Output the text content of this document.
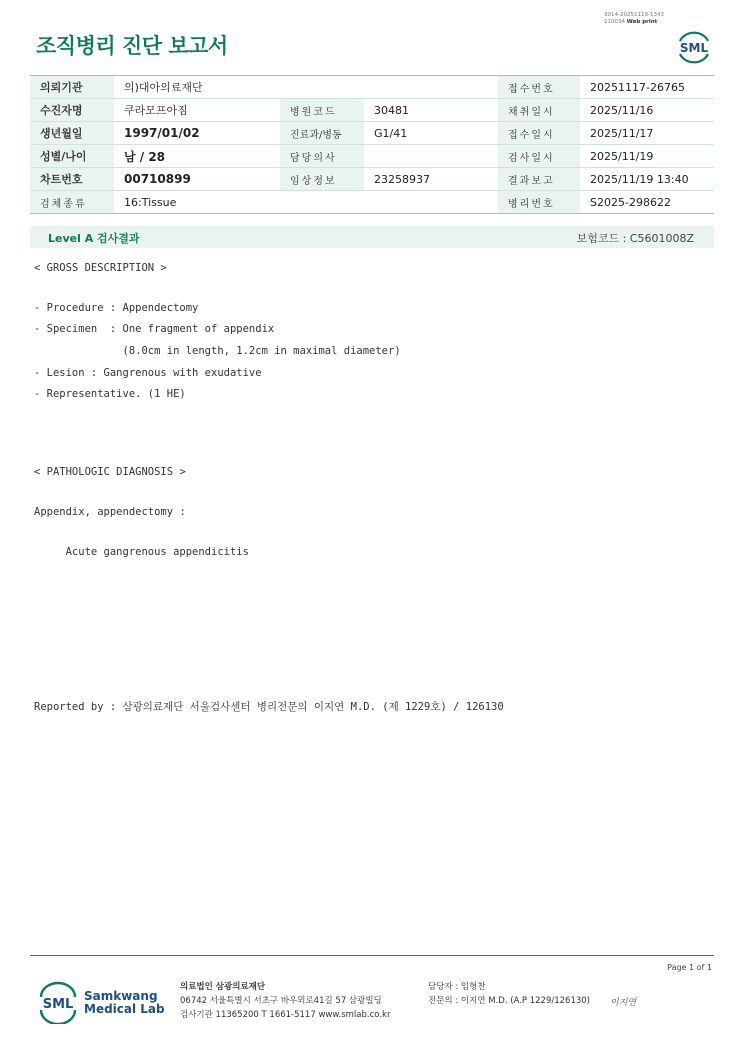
조직병리 진단 보고서
3014-20251119-1343
210034 Web print
SML
의뢰기관	의)대아의료재단			접수번호	20251117-26765
수진자명	쿠라모프아짐	병원코드	30481	채취일시	2025/11/16
생년월일	1997/01/02	진료과/병동	G1/41	접수일시	2025/11/17
성별/나이	남 / 28	담당의사		검사일시	2025/11/19
차트번호	00710899	임상정보	23258937	결과보고	2025/11/19 13:40
검체종류	16:Tissue			병리번호	S2025-298622
Level A 검사결과	보험코드 : C5601008Z
< GROSS DESCRIPTION >
- Procedure : Appendectomy
- Specimen  : One fragment of appendix
(8.0cm in length, 1.2cm in maximal diameter)
- Lesion : Gangrenous with exudative
- Representative. (1 HE)
< PATHOLOGIC DIAGNOSIS >
Appendix, appendectomy :
Acute gangrenous appendicitis
Reported by : 삼광의료재단 서울검사센터 병리전문의 이지연 M.D. (제 1229호) / 126130
Page 1 of 1
SML
Samkwang
Medical Lab
의료법인 삼광의료재단
06742 서울특별시 서초구 바우뫼로41길 57 삼광빌딩
검사기관 11365200 T 1661-5117 www.smlab.co.kr
담당자 : 임형찬
전문의 : 이지연 M.D. (A.P 1229/126130) 이지연
